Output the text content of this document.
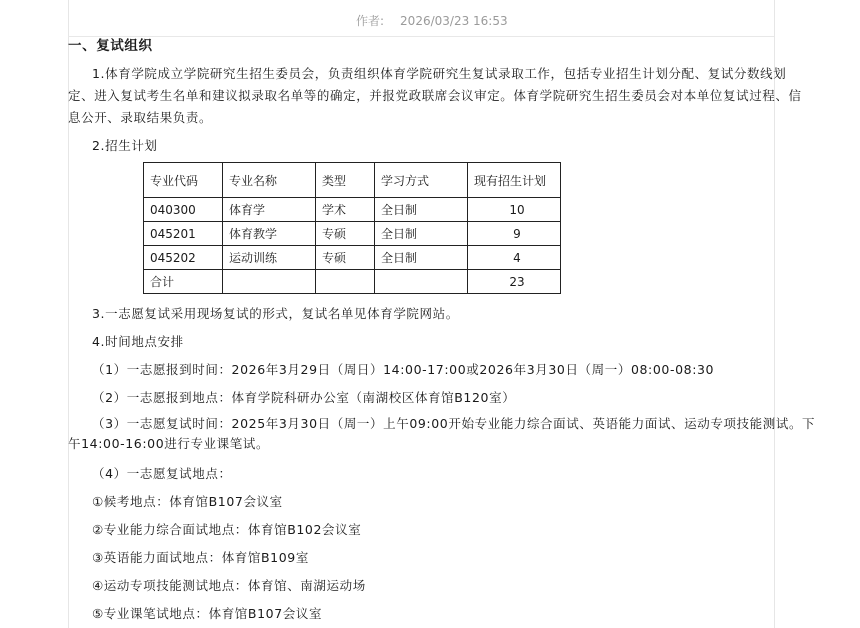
作者: 2026/03/23 16:53
一、复试组织
1.体育学院成立学院研究生招生委员会，负责组织体育学院研究生复试录取工作，包括专业招生计划分配、复试分数线划
定、进入复试考生名单和建议拟录取名单等的确定，并报党政联席会议审定。体育学院研究生招生委员会对本单位复试过程、信
息公开、录取结果负责。
2.招生计划
专业代码	专业名称	类型	学习方式	现有招生计划
040300	体育学	学术	全日制	10
045201	体育教学	专硕	全日制	9
045202	运动训练	专硕	全日制	4
合计				23
3.一志愿复试采用现场复试的形式，复试名单见体育学院网站。
4.时间地点安排
（1）一志愿报到时间：2026年3月29日（周日）14:00-17:00或2026年3月30日（周一）08:00-08:30
（2）一志愿报到地点：体育学院科研办公室（南湖校区体育馆B120室）
（3）一志愿复试时间：2025年3月30日（周一）上午09:00开始专业能力综合面试、英语能力面试、运动专项技能测试。下
午14:00-16:00进行专业课笔试。
（4）一志愿复试地点：
①候考地点：体育馆B107会议室
②专业能力综合面试地点：体育馆B102会议室
③英语能力面试地点：体育馆B109室
④运动专项技能测试地点：体育馆、南湖运动场
⑤专业课笔试地点：体育馆B107会议室
